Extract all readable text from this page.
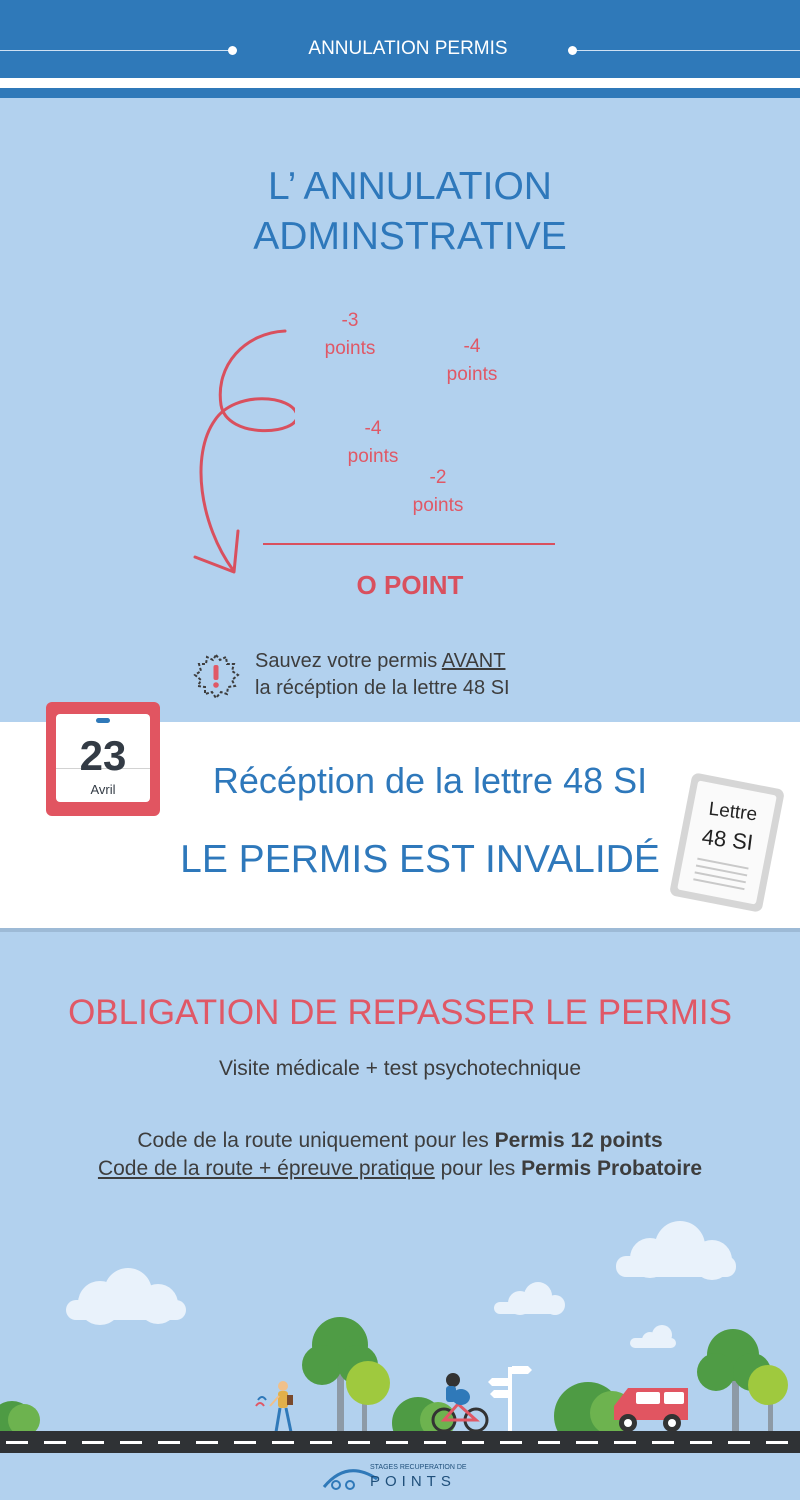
ANNULATION PERMIS
L’ ANNULATION
ADMINSTRATIVE
-3
points	-4
points
-4
points
-2
points
O POINT
Sauvez votre permis AVANT
la récéption de la lettre 48 SI
23
Avril	Récéption de la lettre 48 SI
LE PERMIS EST INVALIDÉ
Lettre
48 SI
OBLIGATION DE REPASSER LE PERMIS
Visite médicale + test psychotechnique
Code de la route uniquement pour les Permis 12 points
Code de la route + épreuve pratique pour les Permis Probatoire
STAGES RECUPERATION DE
POINTS
